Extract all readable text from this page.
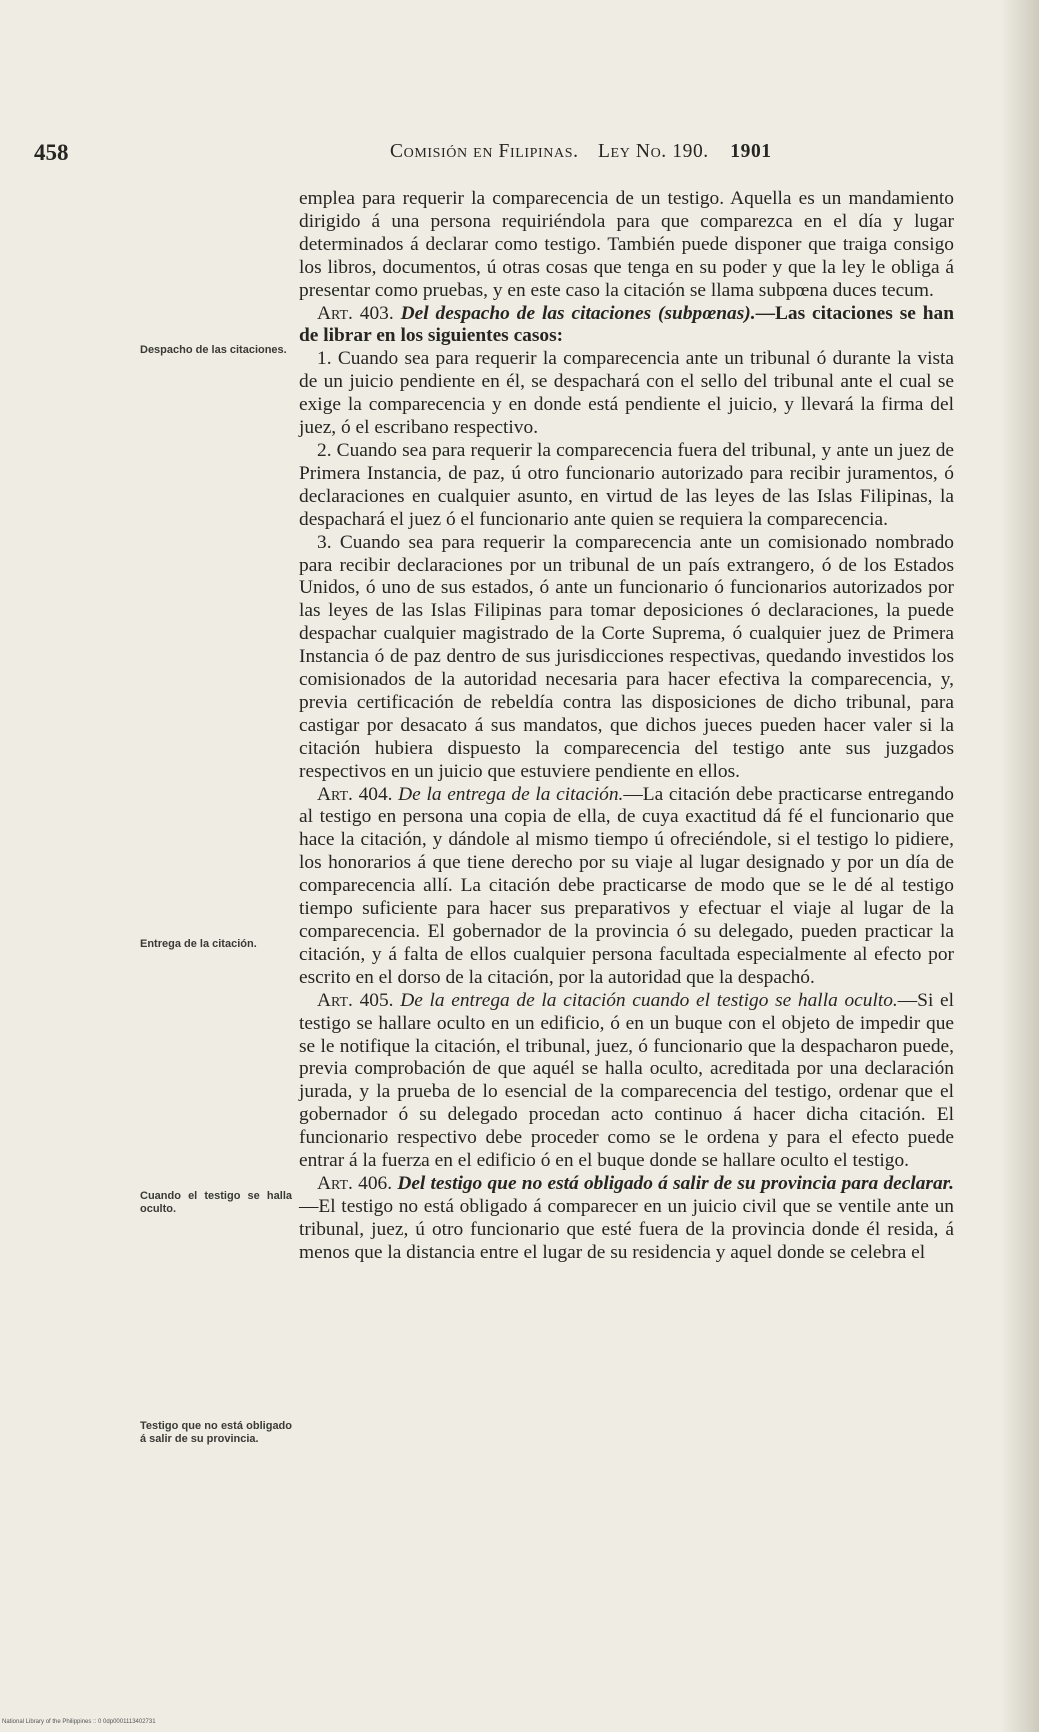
458	Comisión en Filipinas. Ley No. 190. 1901
Despacho de las citaciones.
Entrega de la citación.
Cuando el testigo se halla oculto.
Testigo que no está obligado á salir de su provincia.

emplea para requerir la comparecencia de un testigo. Aquella es un mandamiento dirigido á una persona requiriéndola para que comparezca en el día y lugar determinados á declarar como testigo. También puede disponer que traiga consigo los libros, documentos, ú otras cosas que tenga en su poder y que la ley le obliga á presentar como pruebas, y en este caso la citación se llama subpœna duces tecum.

Art. 403. Del despacho de las citaciones (subpœnas).—Las citaciones se han de librar en los siguientes casos:

1. Cuando sea para requerir la comparecencia ante un tribunal ó durante la vista de un juicio pendiente en él, se despachará con el sello del tribunal ante el cual se exige la comparecencia y en donde está pendiente el juicio, y llevará la firma del juez, ó el escribano respectivo.

2. Cuando sea para requerir la comparecencia fuera del tribunal, y ante un juez de Primera Instancia, de paz, ú otro funcionario autorizado para recibir juramentos, ó declaraciones en cualquier asunto, en virtud de las leyes de las Islas Filipinas, la despachará el juez ó el funcionario ante quien se requiera la comparecencia.

3. Cuando sea para requerir la comparecencia ante un comisionado nombrado para recibir declaraciones por un tribunal de un país extrangero, ó de los Estados Unidos, ó uno de sus estados, ó ante un funcionario ó funcionarios autorizados por las leyes de las Islas Filipinas para tomar deposiciones ó declaraciones, la puede despachar cualquier magistrado de la Corte Suprema, ó cualquier juez de Primera Instancia ó de paz dentro de sus jurisdicciones respectivas, quedando investidos los comisionados de la autoridad necesaria para hacer efectiva la comparecencia, y, previa certificación de rebeldía contra las disposiciones de dicho tribunal, para castigar por desacato á sus mandatos, que dichos jueces pueden hacer valer si la citación hubiera dispuesto la comparecencia del testigo ante sus juzgados respectivos en un juicio que estuviere pendiente en ellos.

Art. 404. De la entrega de la citación.—La citación debe practicarse entregando al testigo en persona una copia de ella, de cuya exactitud dá fé el funcionario que hace la citación, y dándole al mismo tiempo ú ofreciéndole, si el testigo lo pidiere, los honorarios á que tiene derecho por su viaje al lugar designado y por un día de comparecencia allí. La citación debe practicarse de modo que se le dé al testigo tiempo suficiente para hacer sus preparativos y efectuar el viaje al lugar de la comparecencia. El gobernador de la provincia ó su delegado, pueden practicar la citación, y á falta de ellos cualquier persona facultada especialmente al efecto por escrito en el dorso de la citación, por la autoridad que la despachó.

Art. 405. De la entrega de la citación cuando el testigo se halla oculto.—Si el testigo se hallare oculto en un edificio, ó en un buque con el objeto de impedir que se le notifique la citación, el tribunal, juez, ó funcionario que la despacharon puede, previa comprobación de que aquél se halla oculto, acreditada por una declaración jurada, y la prueba de lo esencial de la comparecencia del testigo, ordenar que el gobernador ó su delegado procedan acto continuo á hacer dicha citación. El funcionario respectivo debe proceder como se le ordena y para el efecto puede entrar á la fuerza en el edificio ó en el buque donde se hallare oculto el testigo.

Art. 406. Del testigo que no está obligado á salir de su provincia para declarar.—El testigo no está obligado á comparecer en un juicio civil que se ventile ante un tribunal, juez, ú otro funcionario que esté fuera de la provincia donde él resida, á menos que la distancia entre el lugar de su residencia y aquel donde se celebra el

National Library of the Philippines :: 0 0dp0001113402731
